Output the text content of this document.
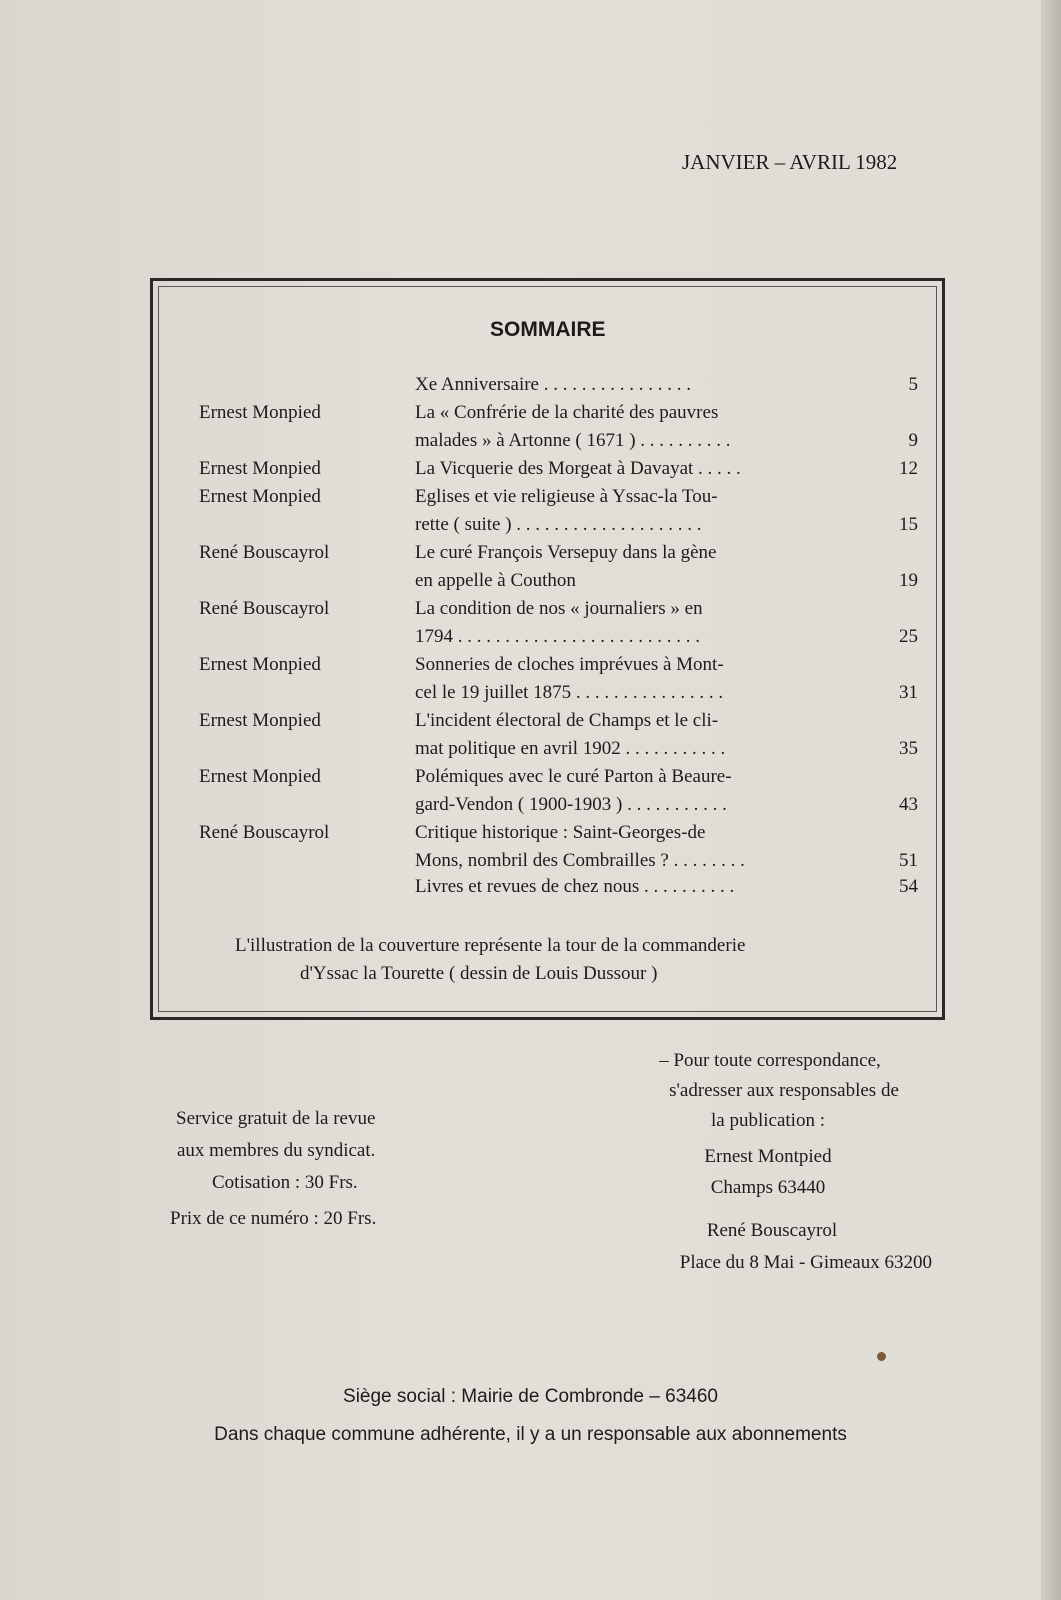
JANVIER – AVRIL 1982
SOMMAIRE
Xe Anniversaire . . . . . . . . . . . . . . . .	5
Ernest Monpied	La « Confrérie de la charité des pauvres
malades » à Artonne ( 1671 ) . . . . . . . . . .	9
Ernest Monpied	La Vicquerie des Morgeat à Davayat . . . . .	12
Ernest Monpied	Eglises et vie religieuse à Yssac-la Tou-
rette ( suite ) . . . . . . . . . . . . . . . . . . . .	15
René Bouscayrol	Le curé François Versepuy dans la gène
en appelle à Couthon	19
René Bouscayrol	La condition de nos « journaliers » en
1794 . . . . . . . . . . . . . . . . . . . . . . . . . .	25
Ernest Monpied	Sonneries de cloches imprévues à Mont-
cel le 19 juillet 1875 . . . . . . . . . . . . . . . .	31
Ernest Monpied	L'incident électoral de Champs et le cli-
mat politique en avril 1902 . . . . . . . . . . .	35
Ernest Monpied	Polémiques avec le curé Parton à Beaure-
gard-Vendon ( 1900-1903 ) . . . . . . . . . . .	43
René Bouscayrol	Critique historique : Saint-Georges-de
Mons, nombril des Combrailles ? . . . . . . . .	51
Livres et revues de chez nous . . . . . . . . . .	54
L'illustration de la couverture représente la tour de la commanderie
d'Yssac la Tourette ( dessin de Louis Dussour )
– Pour toute correspondance,
s'adresser aux responsables de
la publication :
Ernest Montpied
Champs 63440
René Bouscayrol
Place du 8 Mai - Gimeaux 63200
Service gratuit de la revue
aux membres du syndicat.
Cotisation : 30 Frs.
Prix de ce numéro : 20 Frs.
Siège social : Mairie de Combronde – 63460
Dans chaque commune adhérente, il y a un responsable aux abonnements
